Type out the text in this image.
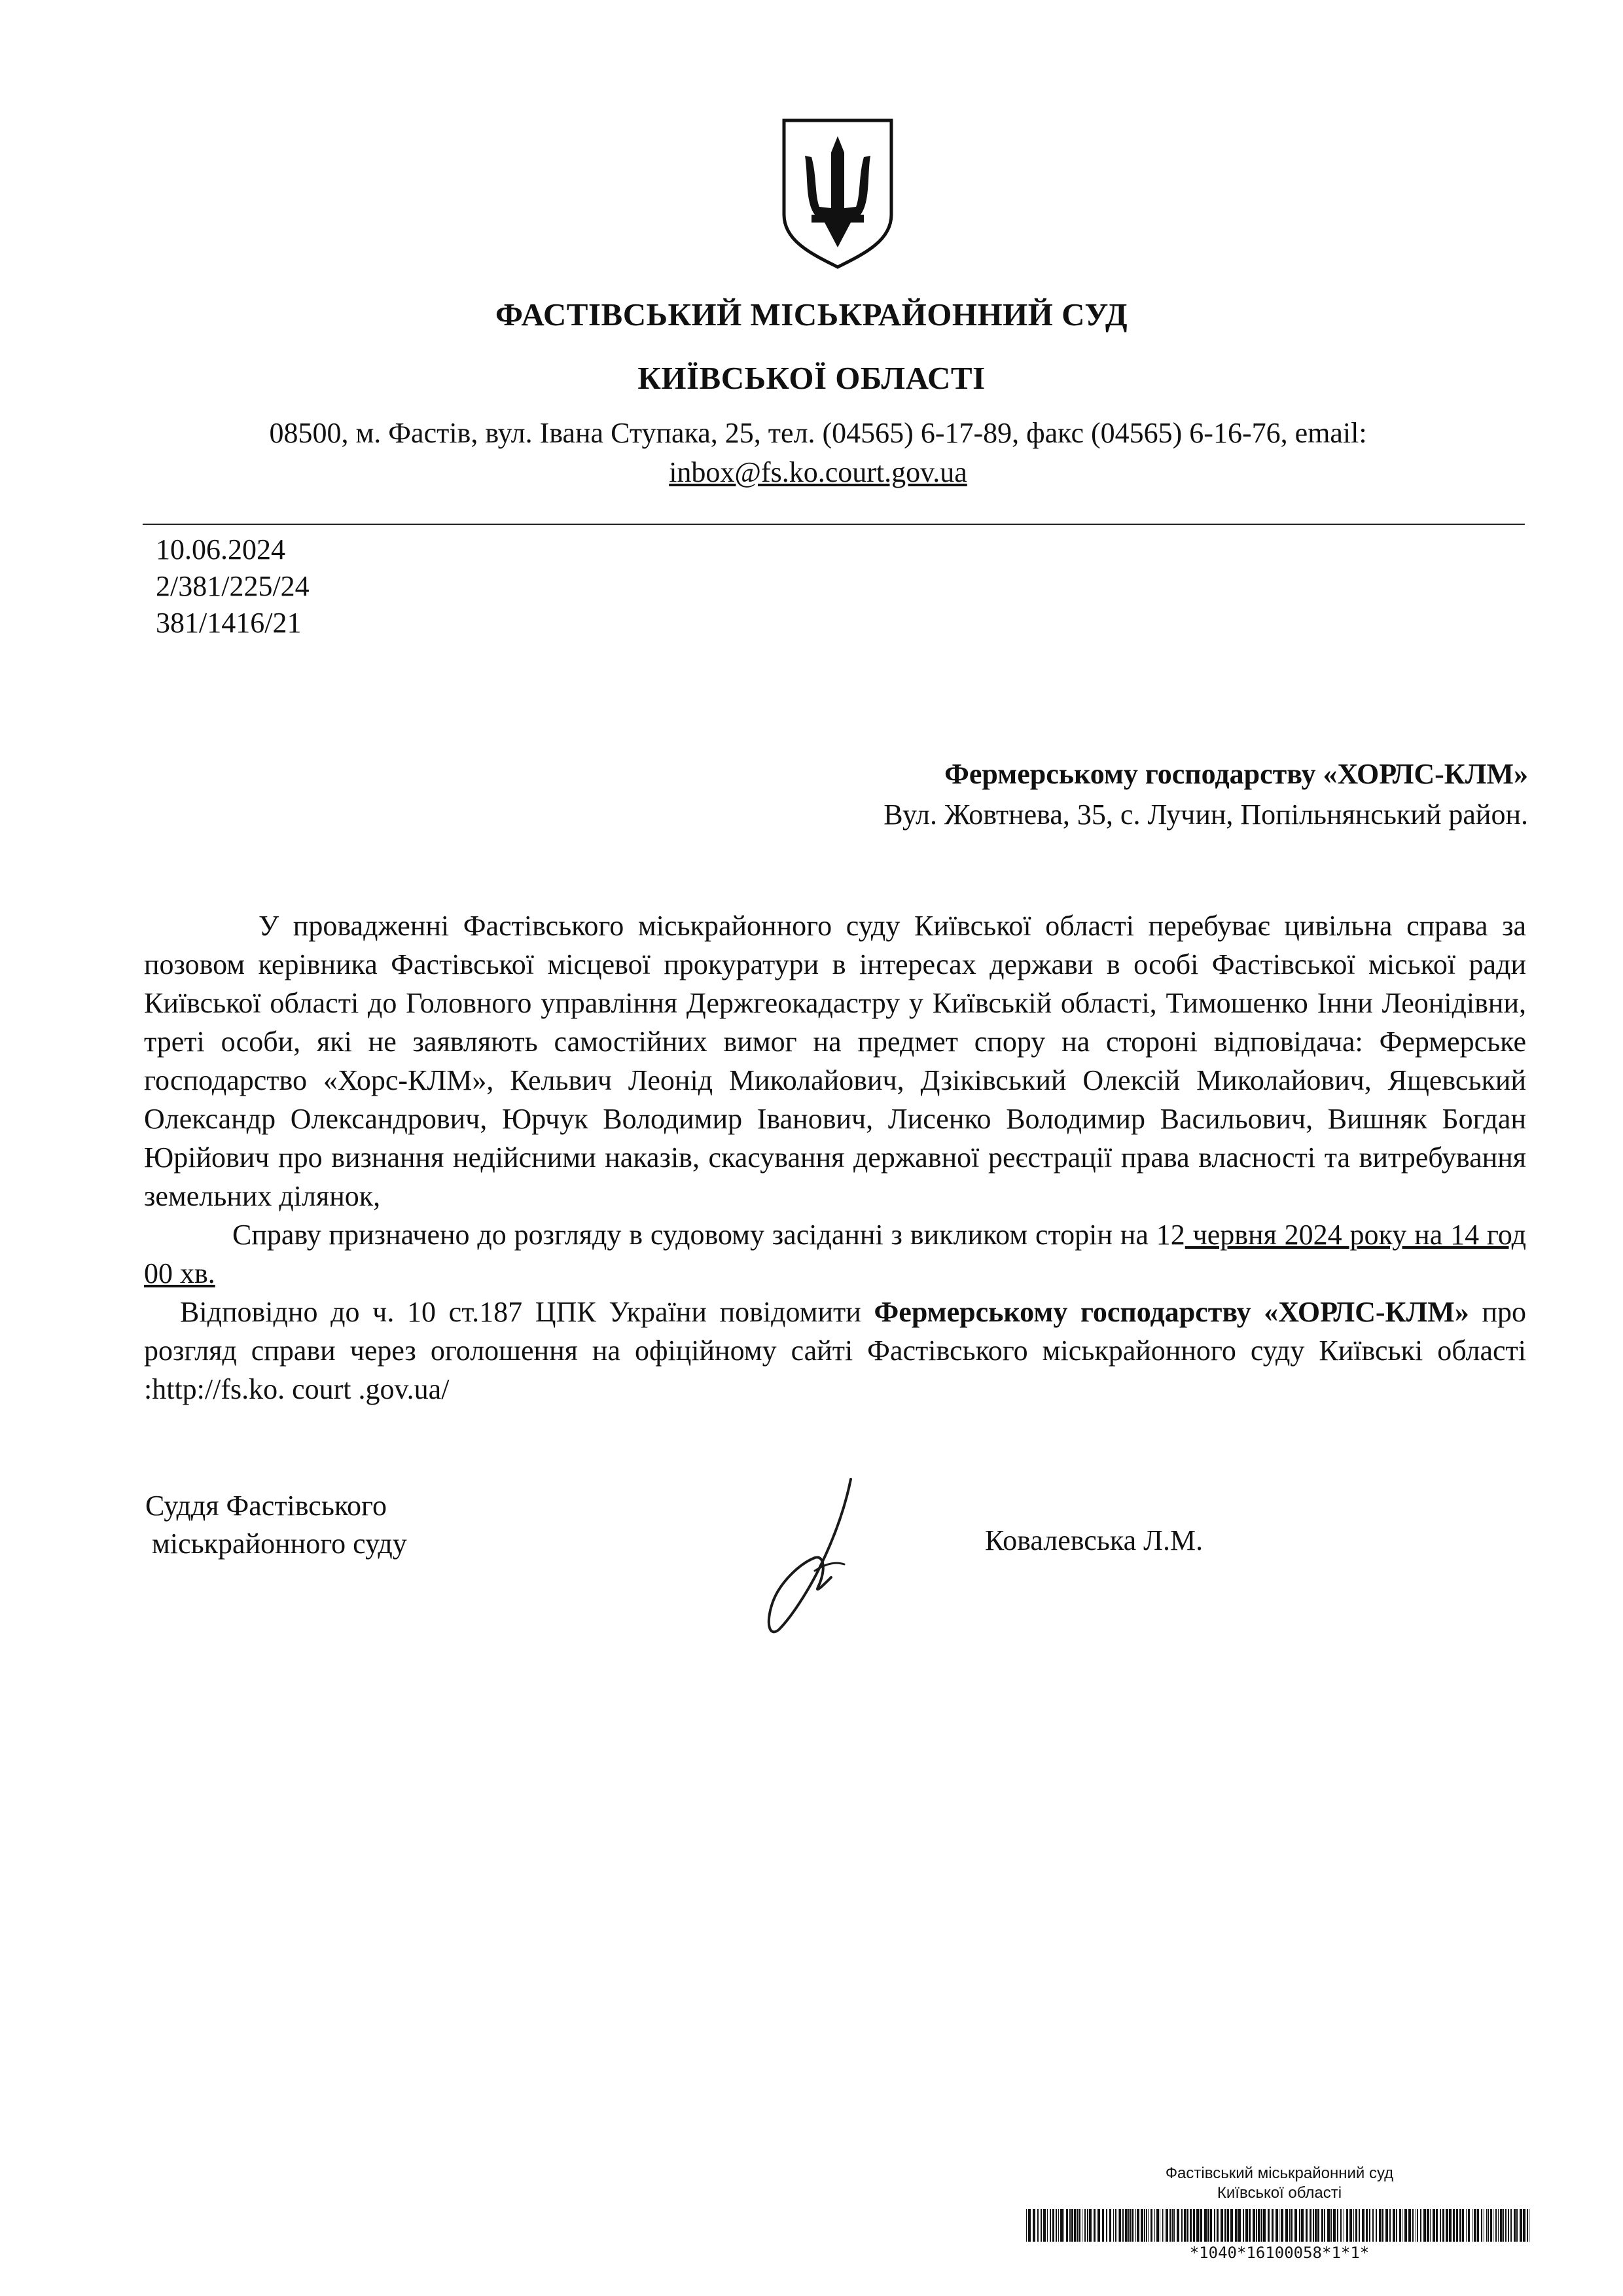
ФАСТІВСЬКИЙ МІСЬКРАЙОННИЙ СУД
КИЇВСЬКОЇ ОБЛАСТІ
08500, м. Фастів, вул. Івана Ступака, 25, тел. (04565) 6-17-89, факс (04565) 6-16-76, email:
inbox@fs.ko.court.gov.ua
10.06.2024
2/381/225/24
381/1416/21
Фермерському господарству «ХОРЛС-КЛМ»
Вул. Жовтнева, 35, с. Лучин, Попільнянський район.

У провадженні Фастівського міськрайонного суду Київської області перебуває цивільна справа за позовом керівника Фастівської місцевої прокуратури в інтересах держави в особі Фастівської міської ради Київської області до Головного управління Держгеокадастру у Київській області, Тимошенко Інни Леонідівни, треті особи, які не заявляють самостійних вимог на предмет спору на стороні відповідача: Фермерське господарство «Хорс-КЛМ», Кельвич Леонід Миколайович, Дзіківський Олексій Миколайович, Ящевський Олександр Олександрович, Юрчук Володимир Іванович, Лисенко Володимир Васильович, Вишняк Богдан Юрійович про визнання недійсними наказів, скасування державної реєстрації права власності та витребування земельних ділянок,

Справу призначено до розгляду в судовому засіданні з викликом сторін на 12 червня 2024 року на 14 год 00 хв.

Відповідно до ч. 10 ст.187 ЦПК України повідомити Фермерському господарству «ХОРЛС-КЛМ» про розгляд справи через оголошення на офіційному сайті Фастівського міськрайонного суду Київські області :http://fs.ko. court .gov.ua/

Суддя Фастівського
міськрайонного суду	Ковалевська Л.М.
Фастівський міськрайонний суд
Київської області
*1040*16100058*1*1*
